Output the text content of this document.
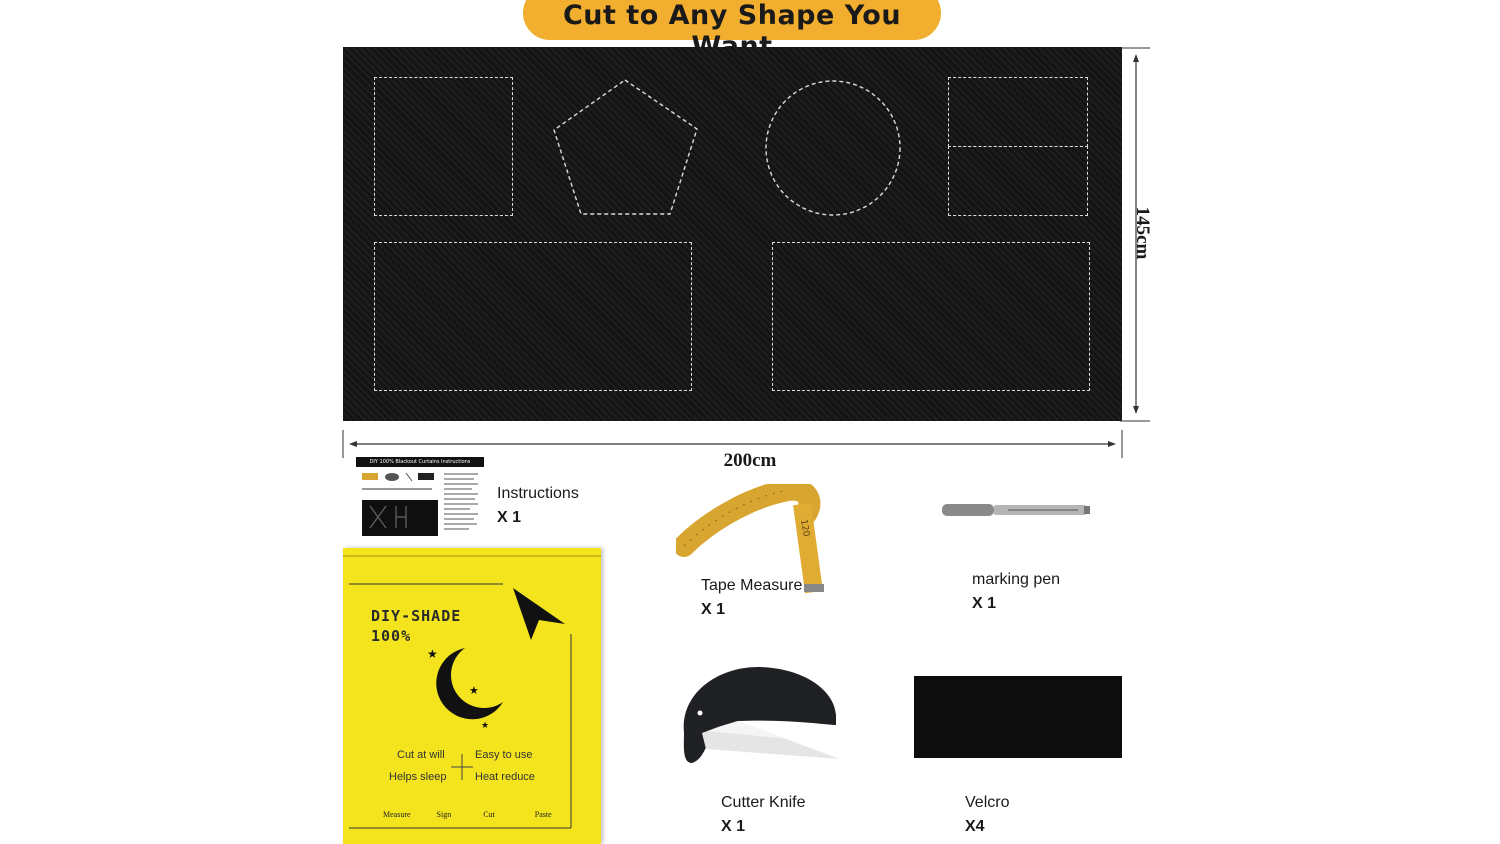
Cut to Any Shape You
145cm
200cm
DIY 100% Blackout Curtains Instructions
Instructions
X 1
DIY-SHADE
100%
★
★
★
Cut at will	Easy to use
Helps sleep	Heat reduce
Measure	Sign	Cut	Paste
120
Tape Measure
X 1
marking pen
X 1
Cutter Knife
X 1
Velcro
X4
